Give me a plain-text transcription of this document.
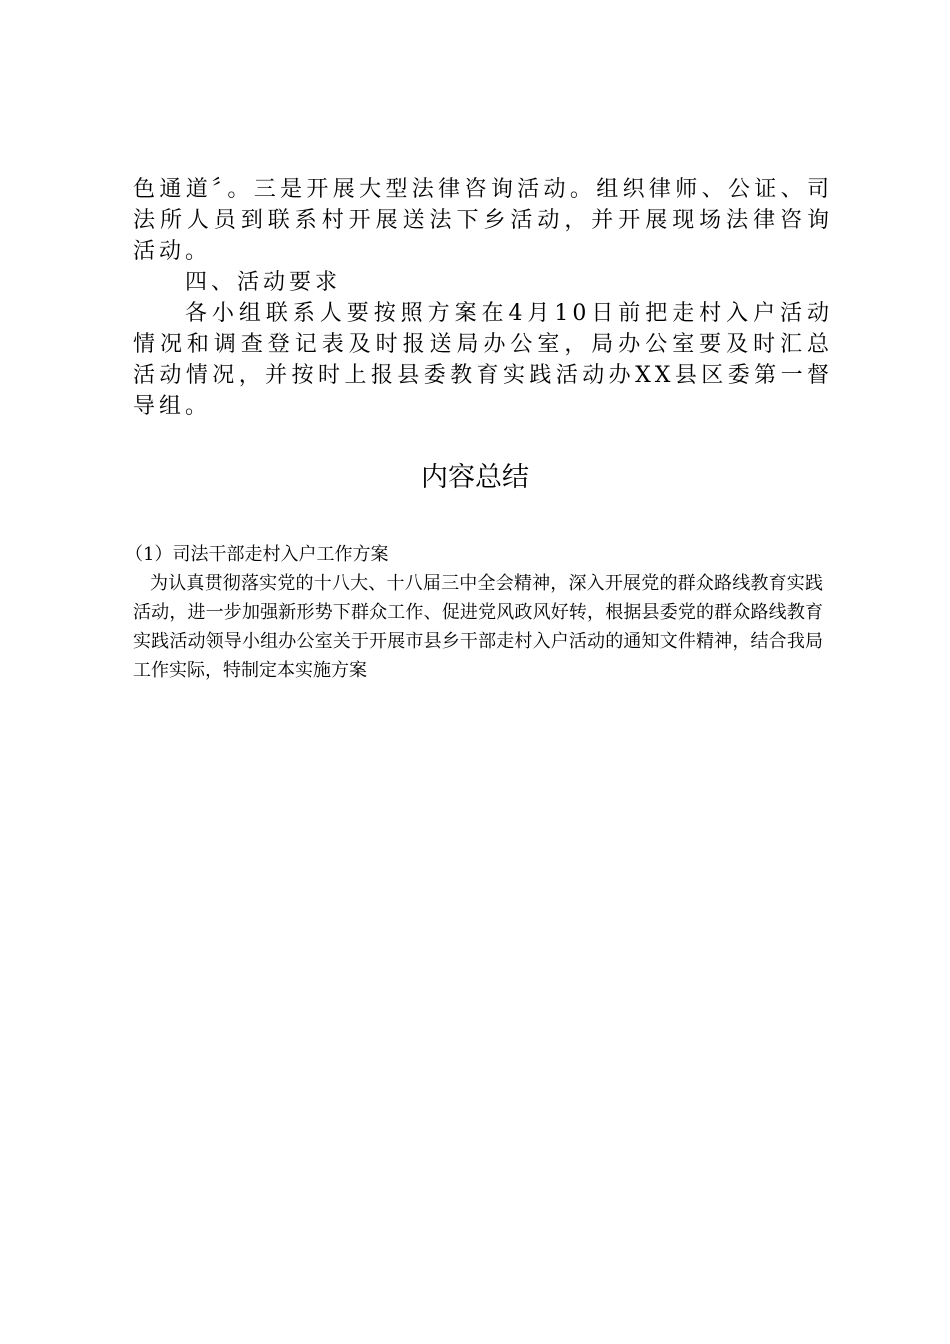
色通道〞。三是开展大型法律咨询活动。组织律师、公证、司法所人员到联系村开展送法下乡活动，并开展现场法律咨询活动。

四、活动要求

各小组联系人要按照方案在4月10日前把走村入户活动情况和调查登记表及时报送局办公室，局办公室要及时汇总活动情况，并按时上报县委教育实践活动办XX县区委第一督导组。

内容总结

（1）司法干部走村入户工作方案

为认真贯彻落实党的十八大、十八届三中全会精神，深入开展党的群众路线教育实践活动，进一步加强新形势下群众工作、促进党风政风好转，根据县委党的群众路线教育实践活动领导小组办公室关于开展市县乡干部走村入户活动的通知文件精神，结合我局工作实际，特制定本实施方案
